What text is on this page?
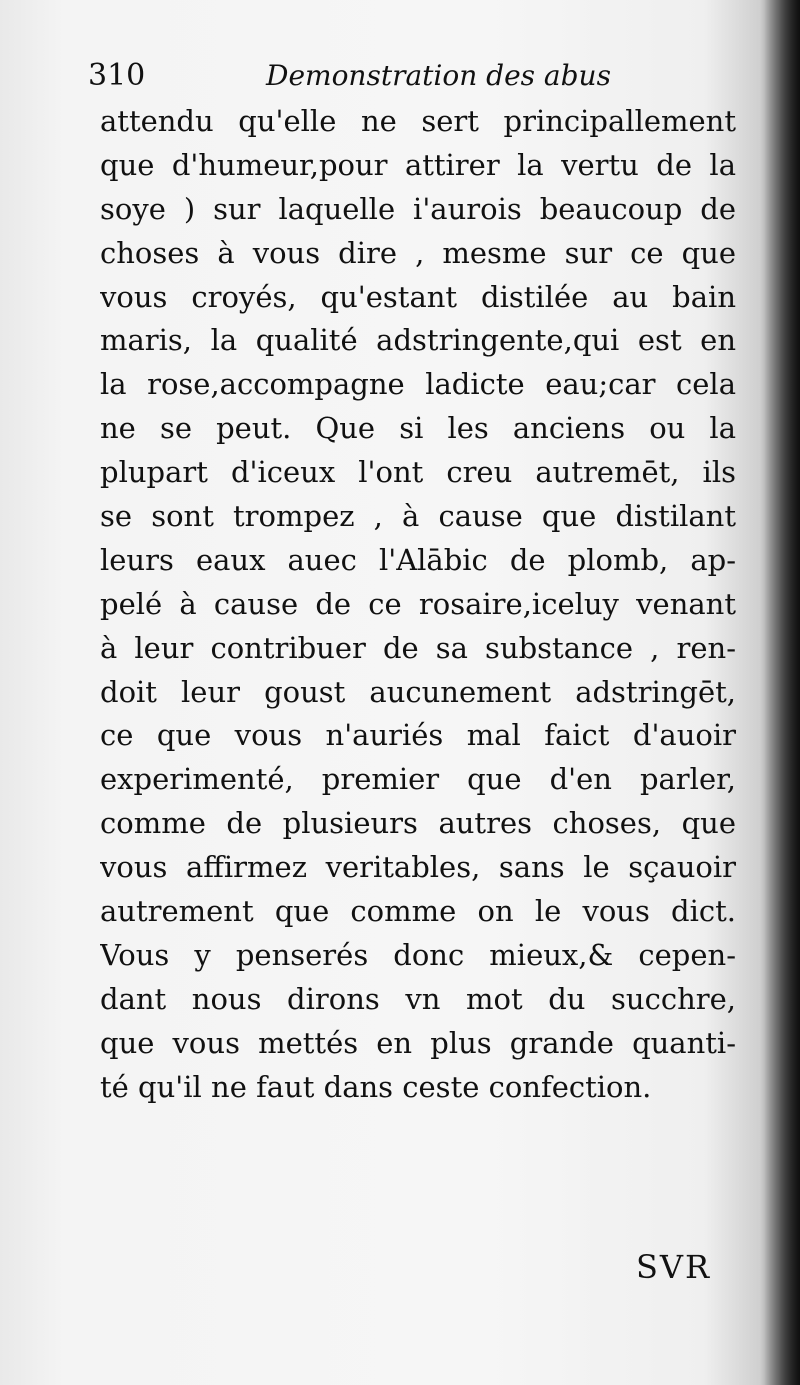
310	Demonstration des abus
attendu qu'elle ne sert principallement
que d'humeur,pour attirer la vertu de la
soye ) sur laquelle i'aurois beaucoup de
choses à vous dire , mesme sur ce que
vous croyés, qu'estant distilée au bain
maris, la qualité adstringente,qui est en
la rose,accompagne ladicte eau;car cela
ne se peut. Que si les anciens ou la
plupart d'iceux l'ont creu autremēt, ils
se sont trompez , à cause que distilant
leurs eaux auec l'Alābic de plomb, ap-
pelé à cause de ce rosaire,iceluy venant
à leur contribuer de sa substance , ren-
doit leur goust aucunement adstringēt,
ce que vous n'auriés mal faict d'auoir
experimenté, premier que d'en parler,
comme de plusieurs autres choses, que
vous affirmez veritables, sans le sçauoir
autrement que comme on le vous dict.
Vous y penserés donc mieux,& cepen-
dant nous dirons vn mot du succhre,
que vous mettés en plus grande quanti-
té qu'il ne faut dans ceste confection.
SVR
